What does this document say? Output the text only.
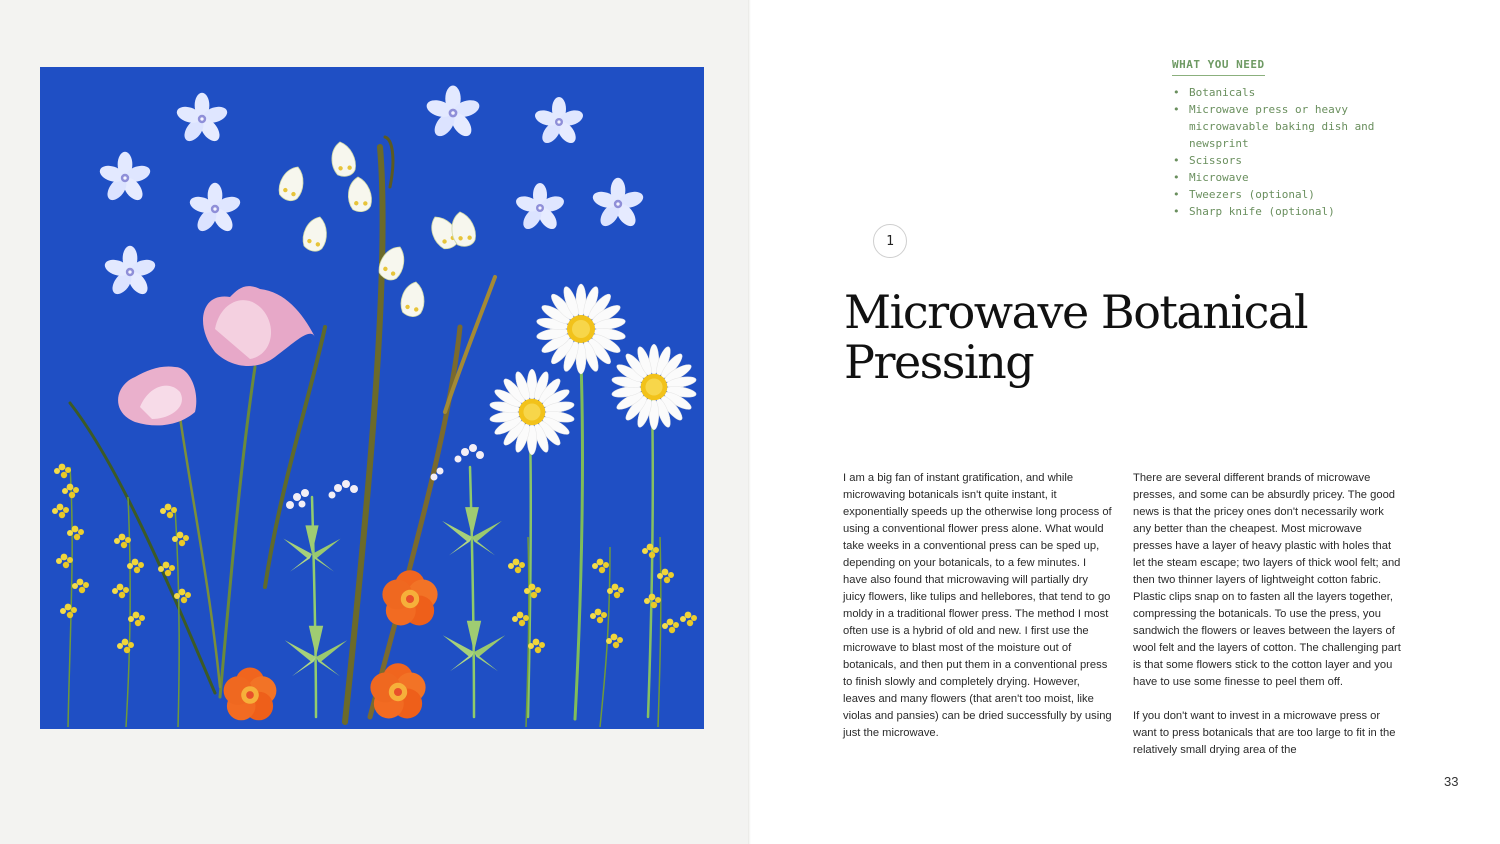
WHAT YOU NEED
• Botanicals
• Microwave press or heavy microwavable baking dish and newsprint
• Scissors
• Microwave
• Tweezers (optional)
• Sharp knife (optional)
1
Microwave Botanical Pressing

I am a big fan of instant gratification, and while microwaving botanicals isn't quite instant, it exponentially speeds up the otherwise long process of using a conventional flower press alone. What would take weeks in a conventional press can be sped up, depending on your botanicals, to a few minutes. I have also found that microwaving will partially dry juicy flowers, like tulips and hellebores, that tend to go moldy in a traditional flower press. The method I most often use is a hybrid of old and new. I first use the microwave to blast most of the moisture out of botanicals, and then put them in a conventional press to finish slowly and completely drying. However, leaves and many flowers (that aren't too moist, like violas and pansies) can be dried successfully by using just the microwave.

There are several different brands of microwave presses, and some can be absurdly pricey. The good news is that the pricey ones don't necessarily work any better than the cheapest. Most microwave presses have a layer of heavy plastic with holes that let the steam escape; two layers of thick wool felt; and then two thinner layers of lightweight cotton fabric. Plastic clips snap on to fasten all the layers together, compressing the botanicals. To use the press, you sandwich the flowers or leaves between the layers of wool felt and the layers of cotton. The challenging part is that some flowers stick to the cotton layer and you have to use some finesse to peel them off.

If you don't want to invest in a microwave press or want to press botanicals that are too large to fit in the relatively small drying area of the

33
